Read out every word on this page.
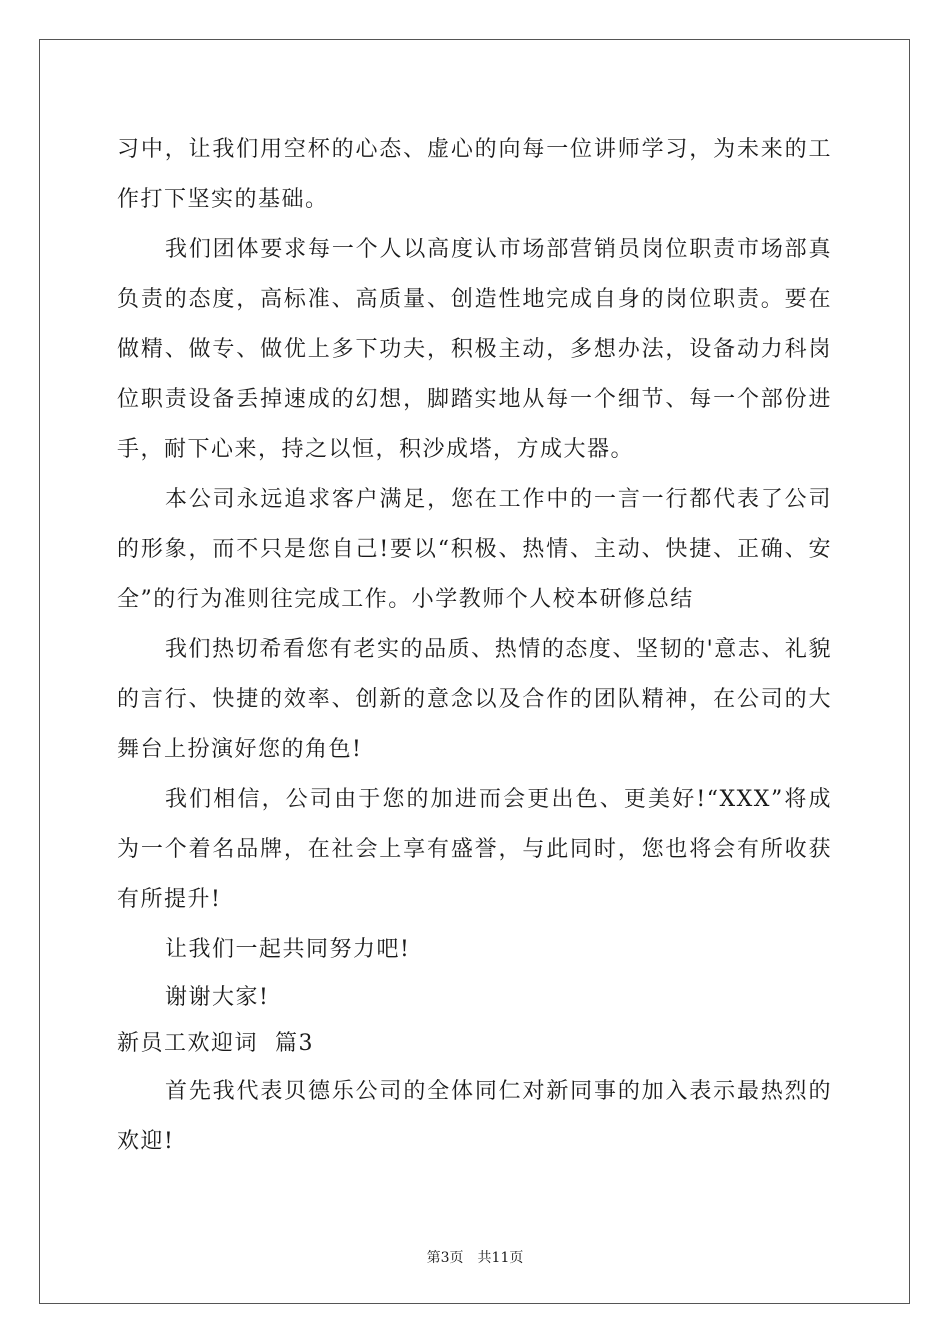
习中，让我们用空杯的心态、虚心的向每一位讲师学习，为未来的工作打下坚实的基础。

我们团体要求每一个人以高度认市场部营销员岗位职责市场部真负责的态度，高标准、高质量、创造性地完成自身的岗位职责。要在做精、做专、做优上多下功夫，积极主动，多想办法，设备动力科岗位职责设备丢掉速成的幻想，脚踏实地从每一个细节、每一个部份进手，耐下心来，持之以恒，积沙成塔，方成大器。

本公司永远追求客户满足，您在工作中的一言一行都代表了公司的形象，而不只是您自己!要以“积极、热情、主动、快捷、正确、安全”的行为准则往完成工作。小学教师个人校本研修总结

我们热切希看您有老实的品质、热情的态度、坚韧的'意志、礼貌的言行、快捷的效率、创新的意念以及合作的团队精神，在公司的大舞台上扮演好您的角色!

我们相信，公司由于您的加进而会更出色、更美好!“XXX”将成为一个着名品牌，在社会上享有盛誉，与此同时，您也将会有所收获有所提升!

让我们一起共同努力吧!

谢谢大家!

新员工欢迎词  篇3

首先我代表贝德乐公司的全体同仁对新同事的加入表示最热烈的欢迎!

第3页 共11页
